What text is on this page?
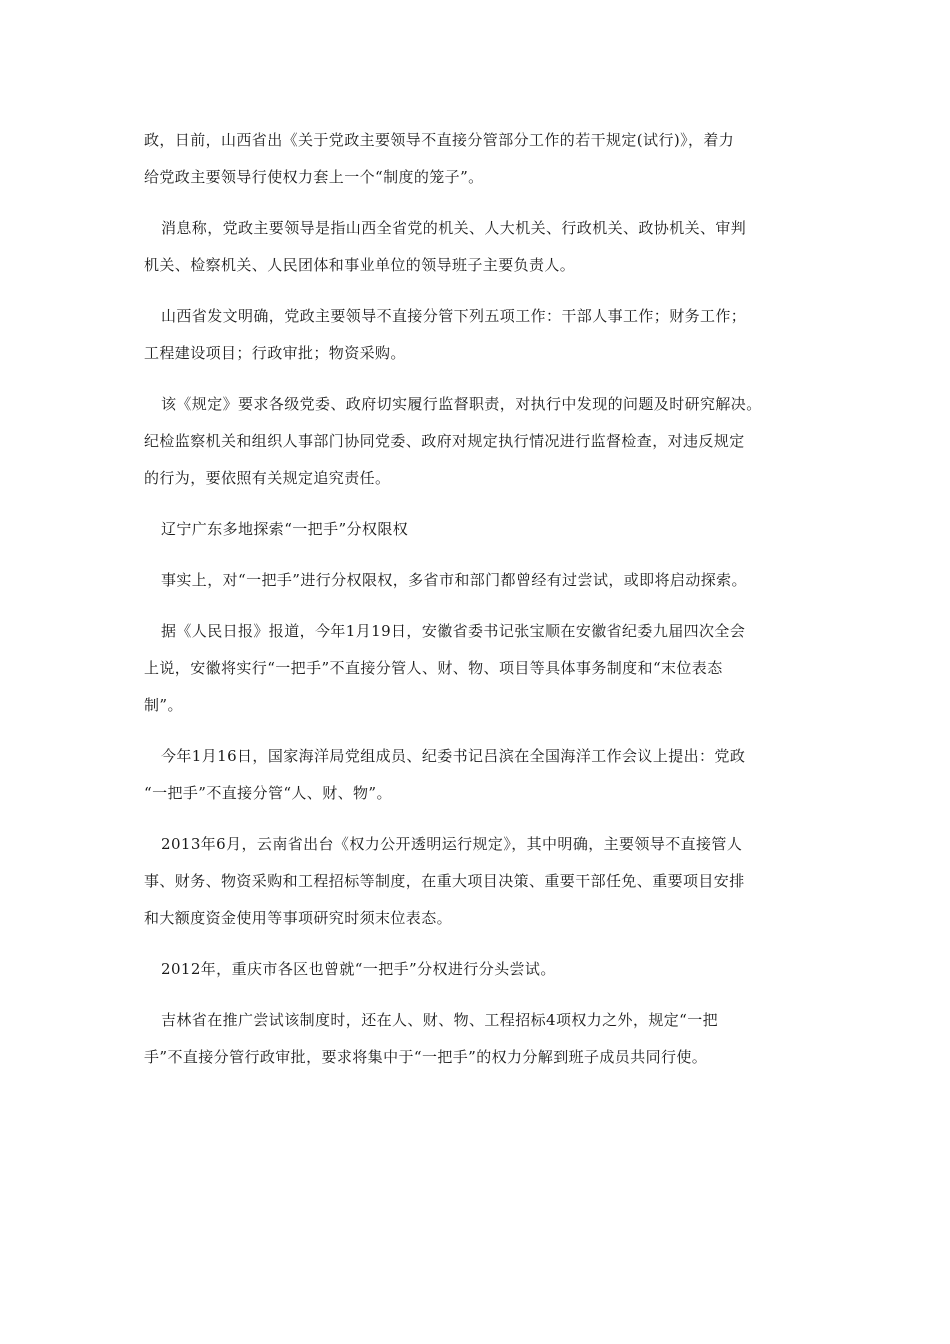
政，日前，山西省出《关于党政主要领导不直接分管部分工作的若干规定(试行)》，着力
给党政主要领导行使权力套上一个“制度的笼子”。

消息称，党政主要领导是指山西全省党的机关、人大机关、行政机关、政协机关、审判
机关、检察机关、人民团体和事业单位的领导班子主要负责人。

山西省发文明确，党政主要领导不直接分管下列五项工作：干部人事工作；财务工作；
工程建设项目；行政审批；物资采购。

该《规定》要求各级党委、政府切实履行监督职责，对执行中发现的问题及时研究解决。
纪检监察机关和组织人事部门协同党委、政府对规定执行情况进行监督检查，对违反规定
的行为，要依照有关规定追究责任。

辽宁广东多地探索“一把手”分权限权

事实上，对“一把手”进行分权限权，多省市和部门都曾经有过尝试，或即将启动探索。

据《人民日报》报道，今年1月19日，安徽省委书记张宝顺在安徽省纪委九届四次全会
上说，安徽将实行“一把手”不直接分管人、财、物、项目等具体事务制度和“末位表态
制”。

今年1月16日，国家海洋局党组成员、纪委书记吕滨在全国海洋工作会议上提出：党政
“一把手”不直接分管“人、财、物”。

2013年6月，云南省出台《权力公开透明运行规定》，其中明确，主要领导不直接管人
事、财务、物资采购和工程招标等制度，在重大项目决策、重要干部任免、重要项目安排
和大额度资金使用等事项研究时须末位表态。

2012年，重庆市各区也曾就“一把手”分权进行分头尝试。

吉林省在推广尝试该制度时，还在人、财、物、工程招标4项权力之外，规定“一把
手”不直接分管行政审批，要求将集中于“一把手”的权力分解到班子成员共同行使。
